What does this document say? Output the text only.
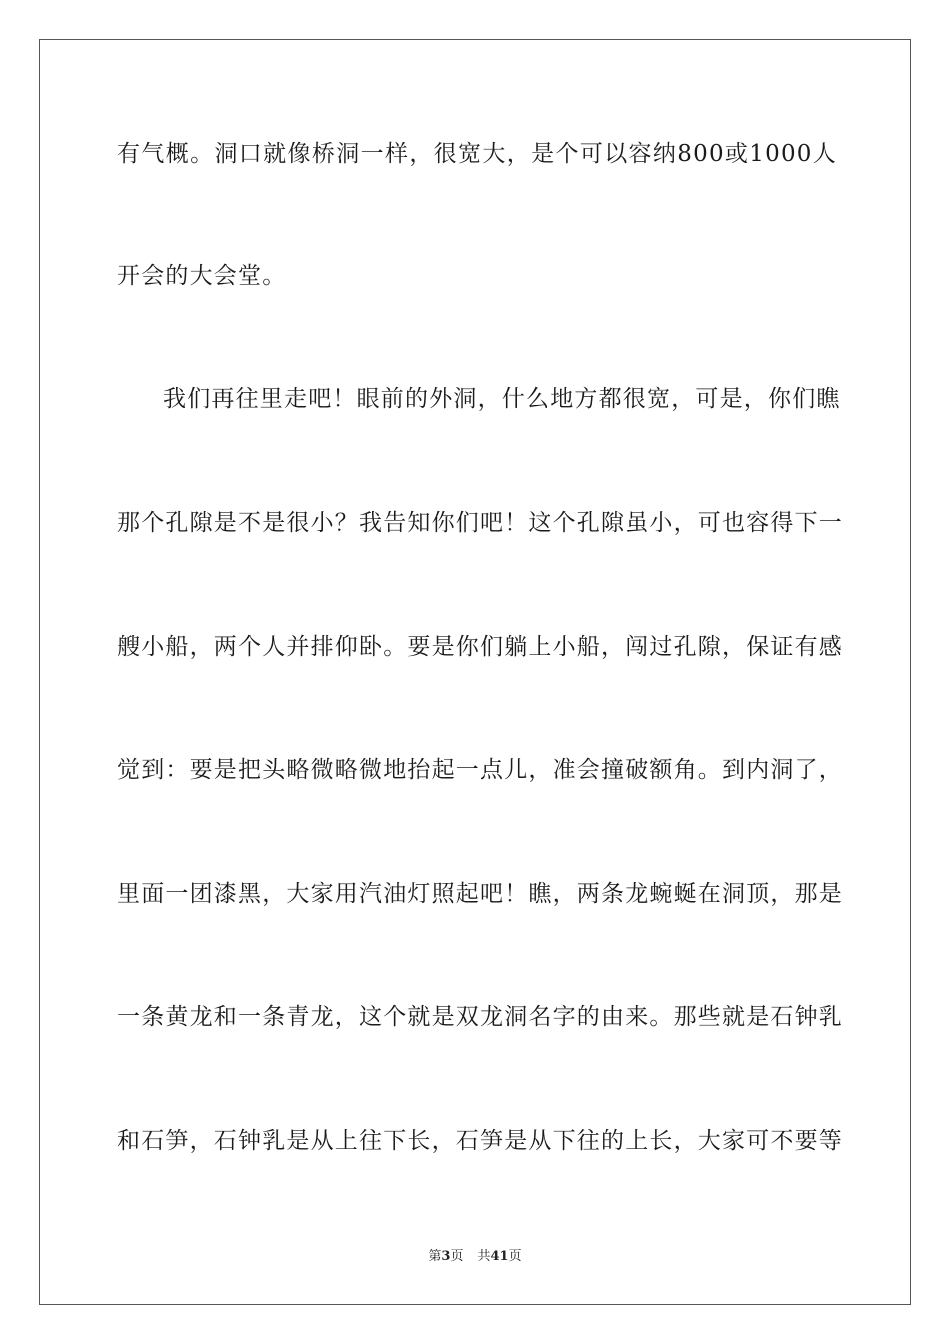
有气概。洞口就像桥洞一样，很宽大，是个可以容纳800或1000人
开会的大会堂。
我们再往里走吧！眼前的外洞，什么地方都很宽，可是，你们瞧
那个孔隙是不是很小？我告知你们吧！这个孔隙虽小，可也容得下一
艘小船，两个人并排仰卧。要是你们躺上小船，闯过孔隙，保证有感
觉到：要是把头略微略微地抬起一点儿，准会撞破额角。到内洞了，
里面一团漆黑，大家用汽油灯照起吧！瞧，两条龙蜿蜒在洞顶，那是
一条黄龙和一条青龙，这个就是双龙洞名字的由来。那些就是石钟乳
和石笋，石钟乳是从上往下长，石笋是从下往的上长，大家可不要等
第3页 共41页
